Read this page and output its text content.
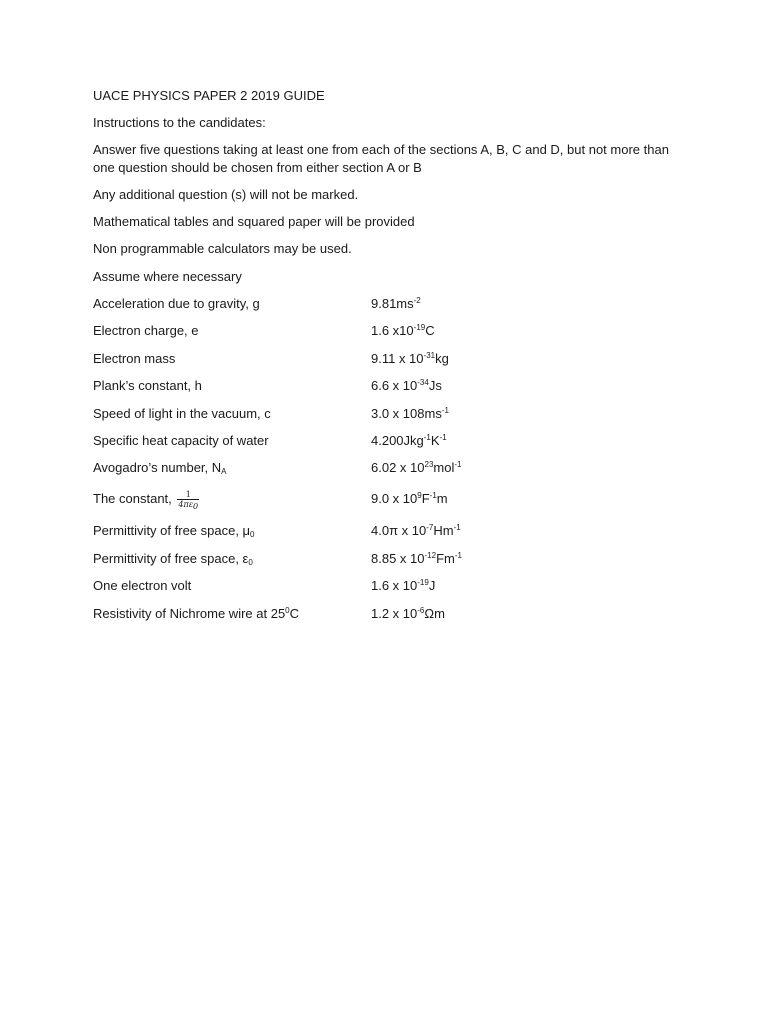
UACE PHYSICS PAPER 2 2019 GUIDE
Instructions to the candidates:
Answer five questions taking at least one from each of the sections A, B, C and D, but not more than one question should be chosen from either section A or B
Any additional question (s) will not be marked.
Mathematical tables and squared paper will be provided
Non programmable calculators may be used.
Assume where necessary
Acceleration due to gravity, g	$9.81ms^{-2}$
Electron charge, e	1.6 $x10^{-19}C$
Electron mass	9.11 x $10^{-31}kg$
Plank’s constant, h	6.6 x $10^{-34}Js$
Speed of light in the vacuum, c	3.0 x $108ms^{-1}$
Specific heat capacity of water	$4.200Jkg^{-1}K^{-1}$
Avogadro’s number, $N_A$	6.02 x $10^{23}mol^{-1}$
The constant, $\frac{1}{4\pi\varepsilon_0}$	9.0 x $10^9F^{-1}m$
Permittivity of free space, $\mu_0$	4.0π x $10^{-7}Hm^{-1}$
Permittivity of free space, $\varepsilon_0$	8.85 x $10^{-12}Fm^{-1}$
One electron volt	1.6 x $10^{-19}J$
Resistivity of Nichrome wire at $25^0C$	1.2 x $10^{-6}\Omega m$
